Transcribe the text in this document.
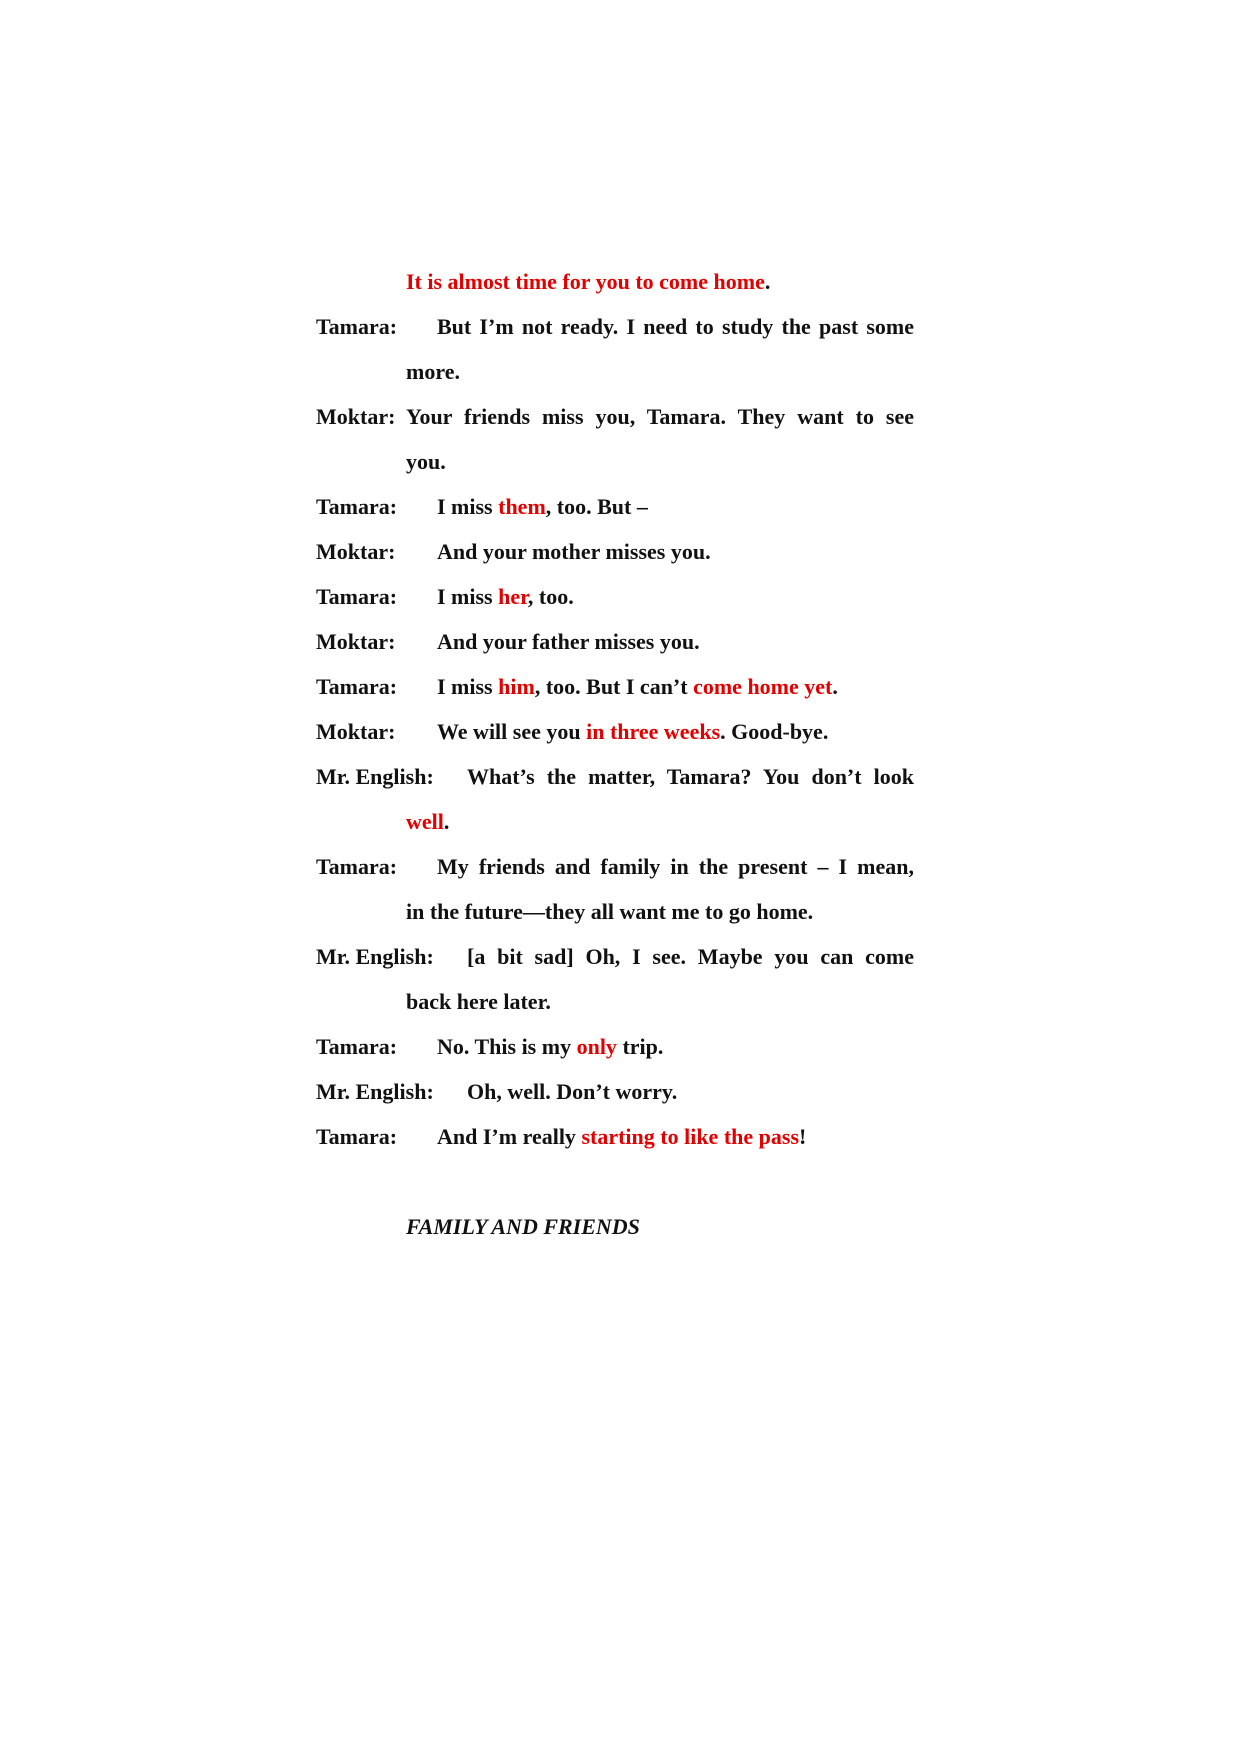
It is almost time for you to come home.
Tamara: But I’m not ready. I need to study the past some
more.
Moktar: Your friends miss you, Tamara. They want to see
you.
Tamara: I miss them, too. But –
Moktar: And your mother misses you.
Tamara: I miss her, too.
Moktar: And your father misses you.
Tamara: I miss him, too. But I can’t come home yet.
Moktar: We will see you in three weeks. Good-bye.
Mr. English: What’s the matter, Tamara? You don’t look
well.
Tamara: My friends and family in the present – I mean,
in the future—they all want me to go home.
Mr. English: [a bit sad] Oh, I see. Maybe you can come
back here later.
Tamara: No. This is my only trip.
Mr. English: Oh, well. Don’t worry.
Tamara: And I’m really starting to like the pass!
FAMILY AND FRIENDS
